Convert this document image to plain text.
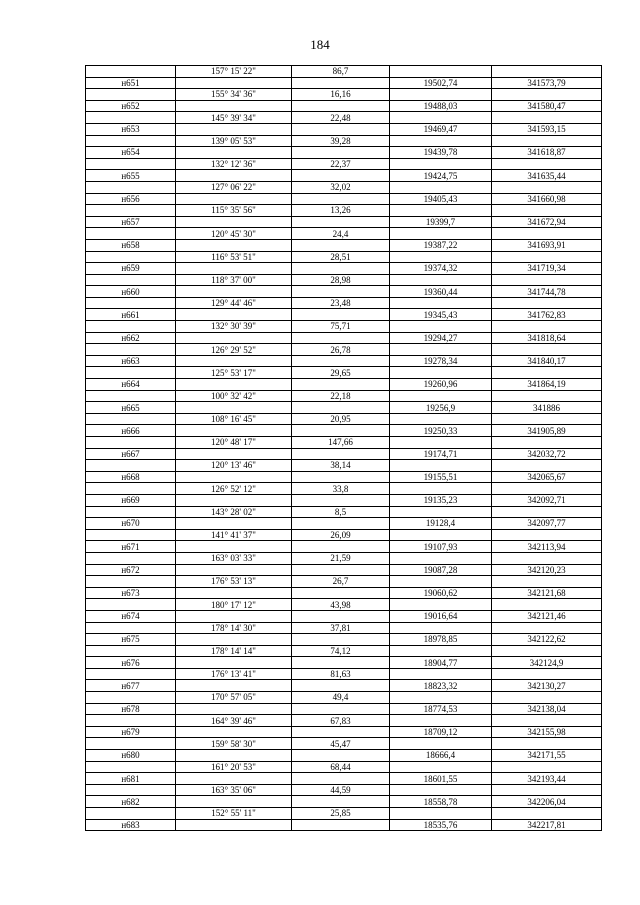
184
	157° 15' 22"	86,7		
н651			19502,74	341573,79
	155° 34' 36"	16,16		
н652			19488,03	341580,47
	145° 39' 34"	22,48		
н653			19469,47	341593,15
	139° 05' 53"	39,28		
н654			19439,78	341618,87
	132° 12' 36"	22,37		
н655			19424,75	341635,44
	127° 06' 22"	32,02		
н656			19405,43	341660,98
	115° 35' 56"	13,26		
н657			19399,7	341672,94
	120° 45' 30"	24,4		
н658			19387,22	341693,91
	116° 53' 51"	28,51		
н659			19374,32	341719,34
	118° 37' 00"	28,98		
н660			19360,44	341744,78
	129° 44' 46"	23,48		
н661			19345,43	341762,83
	132° 30' 39"	75,71		
н662			19294,27	341818,64
	126° 29' 52"	26,78		
н663			19278,34	341840,17
	125° 53' 17"	29,65		
н664			19260,96	341864,19
	100° 32' 42"	22,18		
н665			19256,9	341886
	108° 16' 45"	20,95		
н666			19250,33	341905,89
	120° 48' 17"	147,66		
н667			19174,71	342032,72
	120° 13' 46"	38,14		
н668			19155,51	342065,67
	126° 52' 12"	33,8		
н669			19135,23	342092,71
	143° 28' 02"	8,5		
н670			19128,4	342097,77
	141° 41' 37"	26,09		
н671			19107,93	342113,94
	163° 03' 33"	21,59		
н672			19087,28	342120,23
	176° 53' 13"	26,7		
н673			19060,62	342121,68
	180° 17' 12"	43,98		
н674			19016,64	342121,46
	178° 14' 30"	37,81		
н675			18978,85	342122,62
	178° 14' 14"	74,12		
н676			18904,77	342124,9
	176° 13' 41"	81,63		
н677			18823,32	342130,27
	170° 57' 05"	49,4		
н678			18774,53	342138,04
	164° 39' 46"	67,83		
н679			18709,12	342155,98
	159° 58' 30"	45,47		
н680			18666,4	342171,55
	161° 20' 53"	68,44		
н681			18601,55	342193,44
	163° 35' 06"	44,59		
н682			18558,78	342206,04
	152° 55' 11"	25,85		
н683			18535,76	342217,81
